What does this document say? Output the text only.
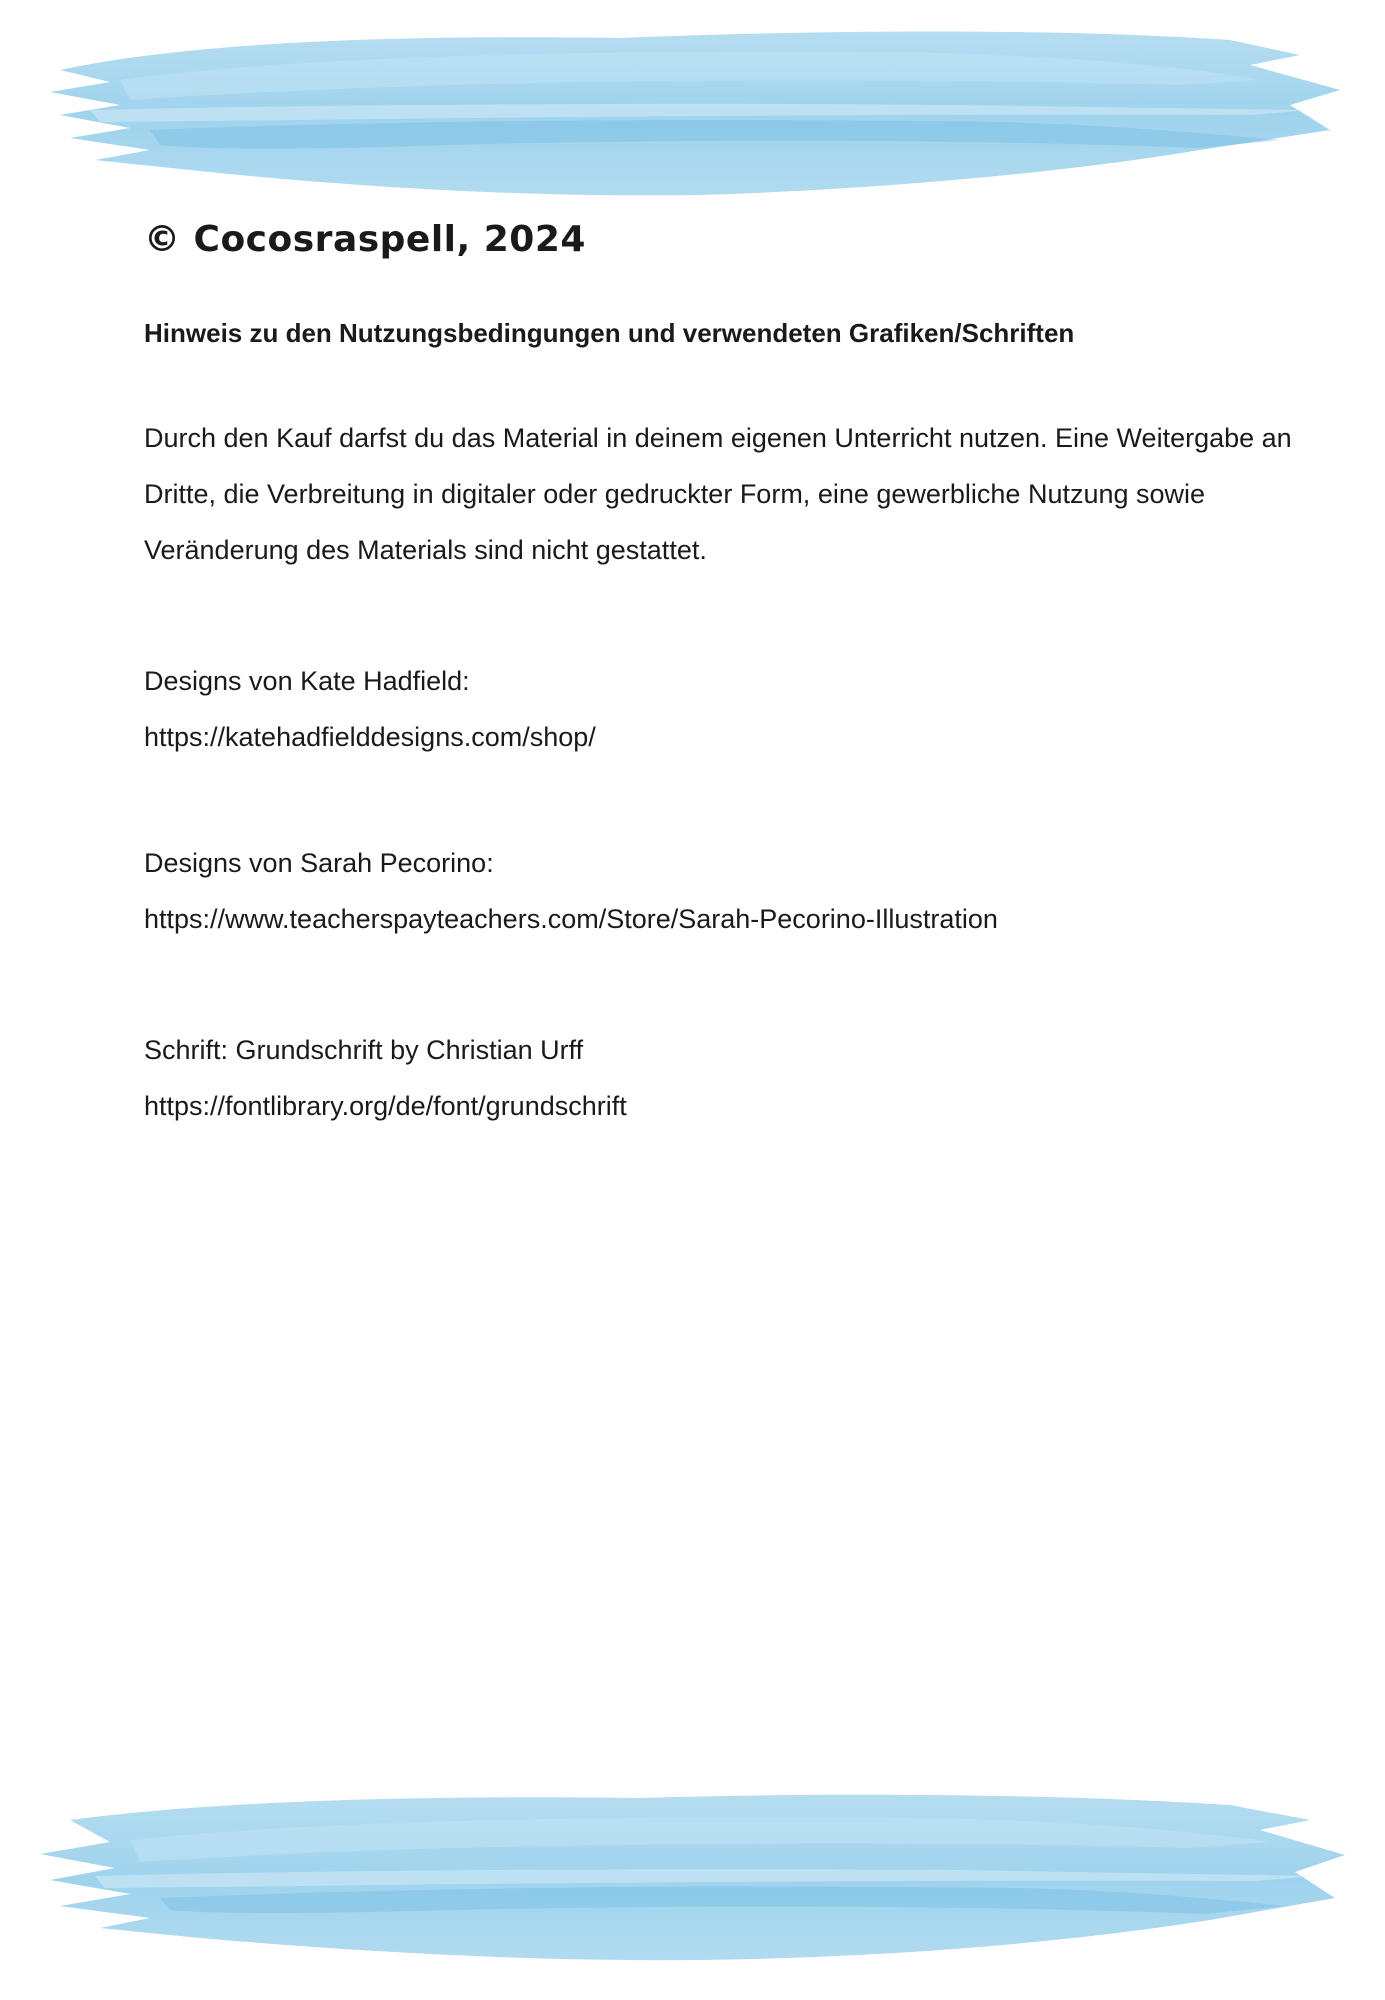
© Cocosraspell, 2024
Hinweis zu den Nutzungsbedingungen und verwendeten Grafiken/Schriften

Durch den Kauf darfst du das Material in deinem eigenen Unterricht nutzen. Eine Weitergabe an Dritte, die Verbreitung in digitaler oder gedruckter Form, eine gewerbliche Nutzung sowie Veränderung des Materials sind nicht gestattet.

Designs von Kate Hadfield:
https://katehadfielddesigns.com/shop/
Designs von Sarah Pecorino:
https://www.teacherspayteachers.com/Store/Sarah-Pecorino-Illustration
Schrift: Grundschrift by Christian Urff
https://fontlibrary.org/de/font/grundschrift
